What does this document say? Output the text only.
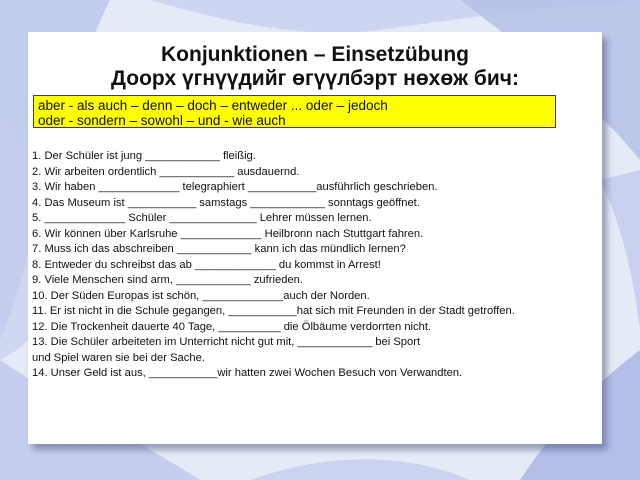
Konjunktionen – Einsetzübung
Доорх үгнүүдийг өгүүлбэрт нөхөж бич:
aber - als auch – denn – doch – entweder ... oder – jedoch
oder - sondern – sowohl – und - wie auch
1. Der Schüler ist jung ____________ fleißig.
2. Wir arbeiten ordentlich ____________ ausdauernd.
3. Wir haben _____________ telegraphiert ___________ausführlich geschrieben.
4. Das Museum ist ___________ samstags ____________ sonntags geöffnet.
5. _____________ Schüler ______________ Lehrer müssen lernen.
6. Wir können über Karlsruhe _____________ Heilbronn nach Stuttgart fahren.
7. Muss ich das abschreiben ____________ kann ich das mündlich lernen?
8. Entweder du schreibst das ab _____________ du kommst in Arrest!
9. Viele Menschen sind arm, ____________ zufrieden.
10. Der Süden Europas ist schön, _____________auch der Norden.
11. Er ist nicht in die Schule gegangen, ___________hat sich mit Freunden in der Stadt getroffen.
12. Die Trockenheit dauerte 40 Tage, __________ die Ölbäume verdorrten nicht.
13. Die Schüler arbeiteten im Unterricht nicht gut mit, ____________ bei Sport
und Spiel waren sie bei der Sache.
14. Unser Geld ist aus, ___________wir hatten zwei Wochen Besuch von Verwandten.
